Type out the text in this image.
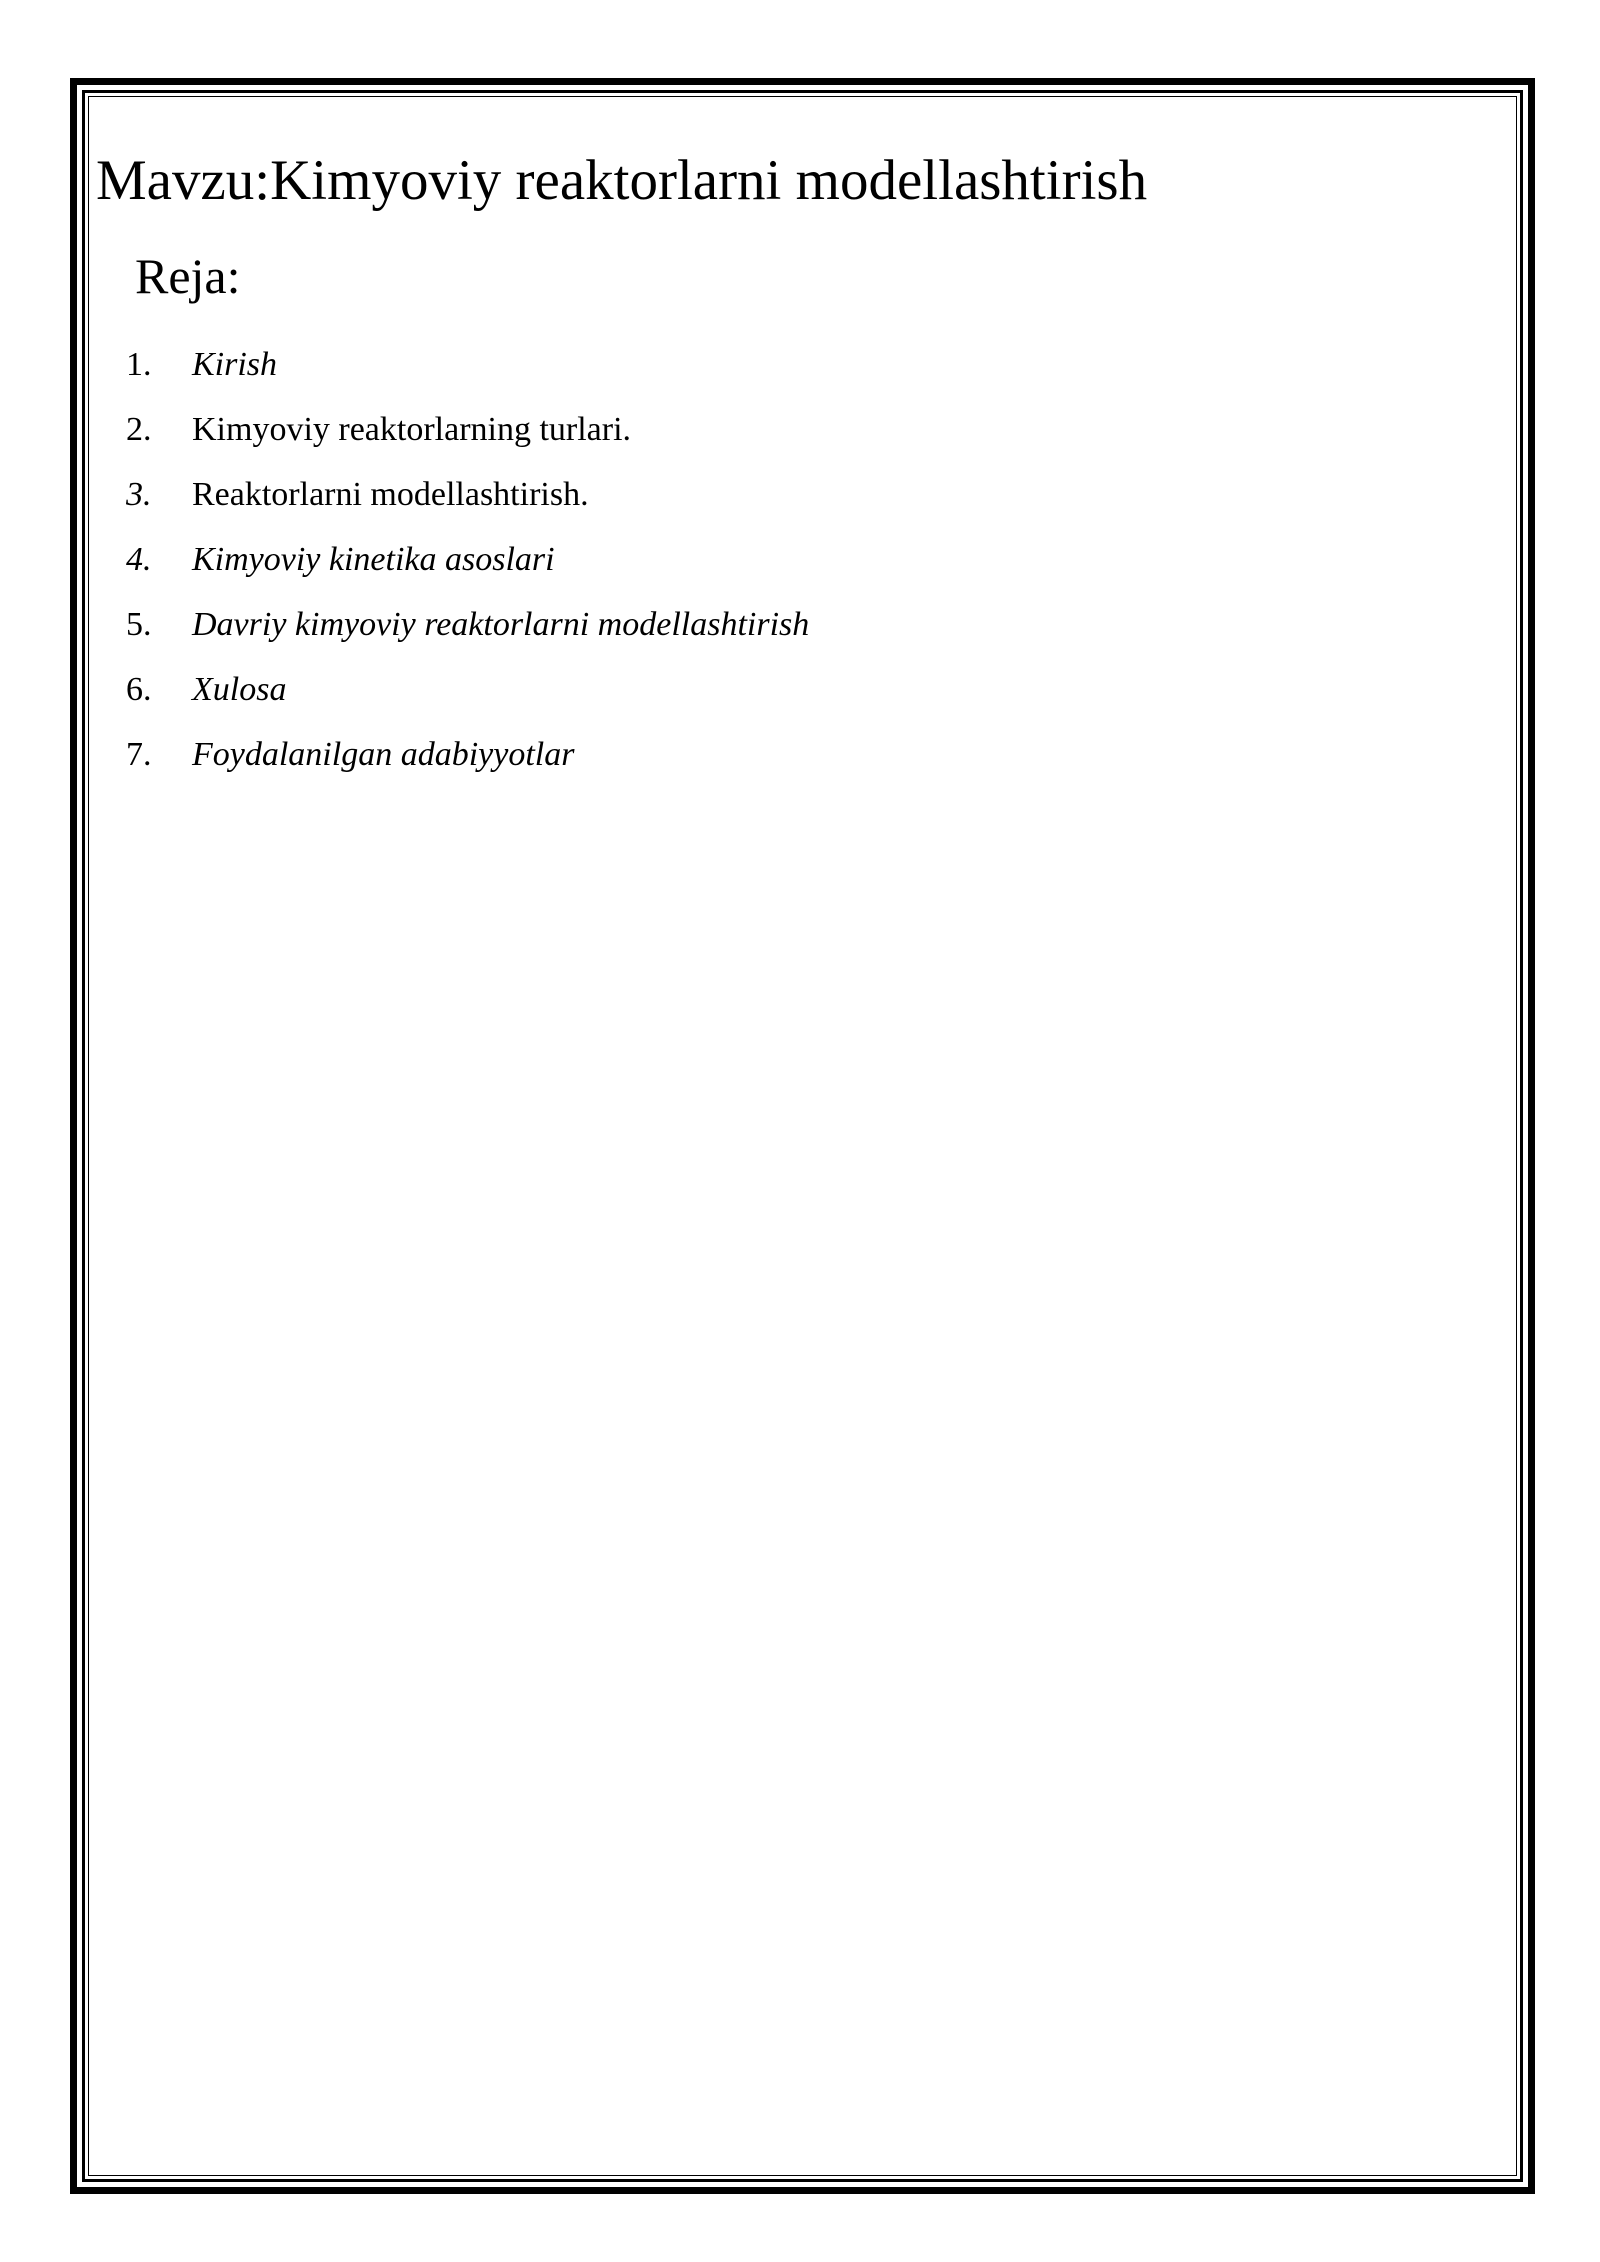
Mavzu:Kimyoviy reaktorlarni modellashtirish
Reja:
1.	Kirish
2.	Kimyoviy reaktorlarning turlari.
3.	Reaktorlarni modellashtirish.
4.	Kimyoviy kinetika asoslari
5.	Davriy kimyoviy reaktorlarni modellashtirish
6.	Xulosa
7.	Foydalanilgan adabiyyotlar
